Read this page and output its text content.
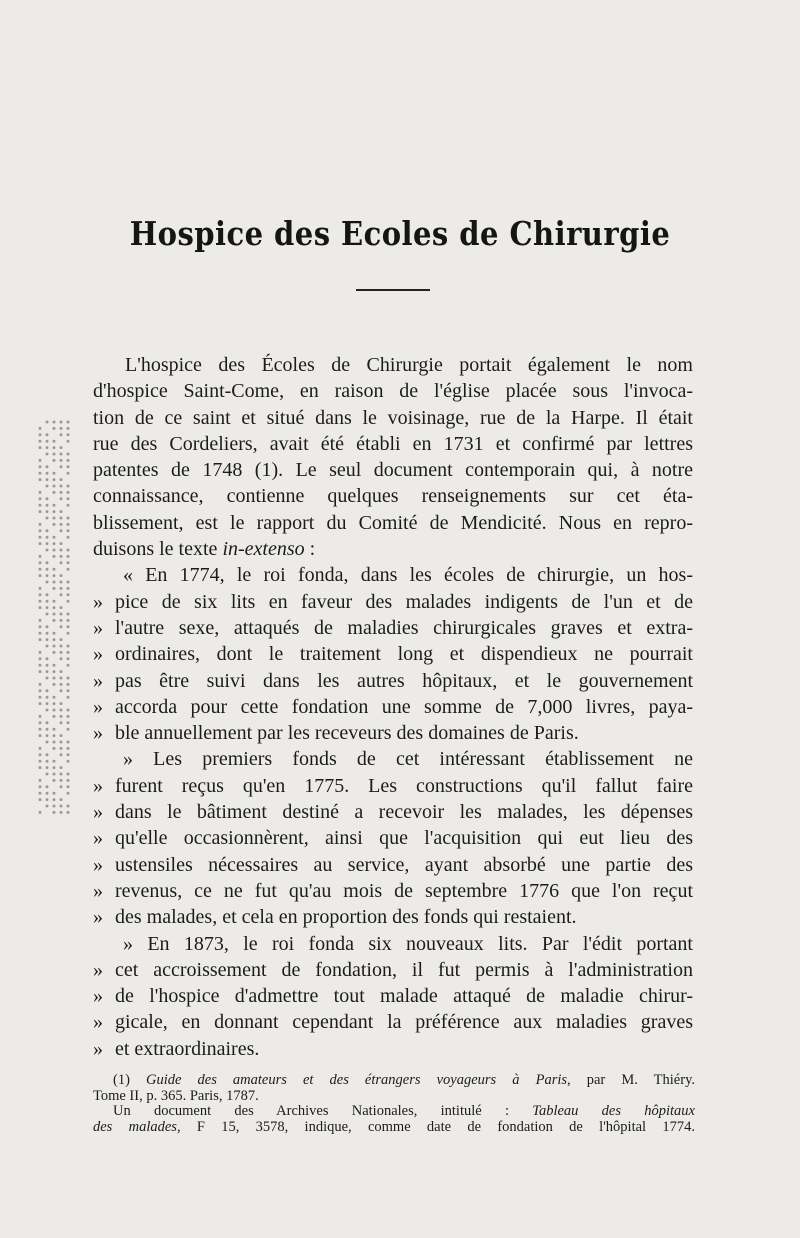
Hospice des Ecoles de Chirurgie
L'hospice des Écoles de Chirurgie portait également le nom
d'hospice Saint-Come, en raison de l'église placée sous l'invoca-
tion de ce saint et situé dans le voisinage, rue de la Harpe. Il était
rue des Cordeliers, avait été établi en 1731 et confirmé par lettres
patentes de 1748 (1). Le seul document contemporain qui, à notre
connaissance, contienne quelques renseignements sur cet éta-
blissement, est le rapport du Comité de Mendicité. Nous en repro-
duisons le texte in-extenso :
« En 1774, le roi fonda, dans les écoles de chirurgie, un hos-
» pice de six lits en faveur des malades indigents de l'un et de
» l'autre sexe, attaqués de maladies chirurgicales graves et extra-
» ordinaires, dont le traitement long et dispendieux ne pourrait
» pas être suivi dans les autres hôpitaux, et le gouvernement
» accorda pour cette fondation une somme de 7,000 livres, paya-
» ble annuellement par les receveurs des domaines de Paris.
» Les premiers fonds de cet intéressant établissement ne
» furent reçus qu'en 1775. Les constructions qu'il fallut faire
» dans le bâtiment destiné a recevoir les malades, les dépenses
» qu'elle occasionnèrent, ainsi que l'acquisition qui eut lieu des
» ustensiles nécessaires au service, ayant absorbé une partie des
» revenus, ce ne fut qu'au mois de septembre 1776 que l'on reçut
» des malades, et cela en proportion des fonds qui restaient.
» En 1873, le roi fonda six nouveaux lits. Par l'édit portant
» cet accroissement de fondation, il fut permis à l'administration
» de l'hospice d'admettre tout malade attaqué de maladie chirur-
» gicale, en donnant cependant la préférence aux maladies graves
» et extraordinaires.
(1) Guide des amateurs et des étrangers voyageurs à Paris, par M. Thiéry.
Tome II, p. 365. Paris, 1787.
Un document des Archives Nationales, intitulé : Tableau des hôpitaux
des malades, F 15, 3578, indique, comme date de fondation de l'hôpital 1774.
